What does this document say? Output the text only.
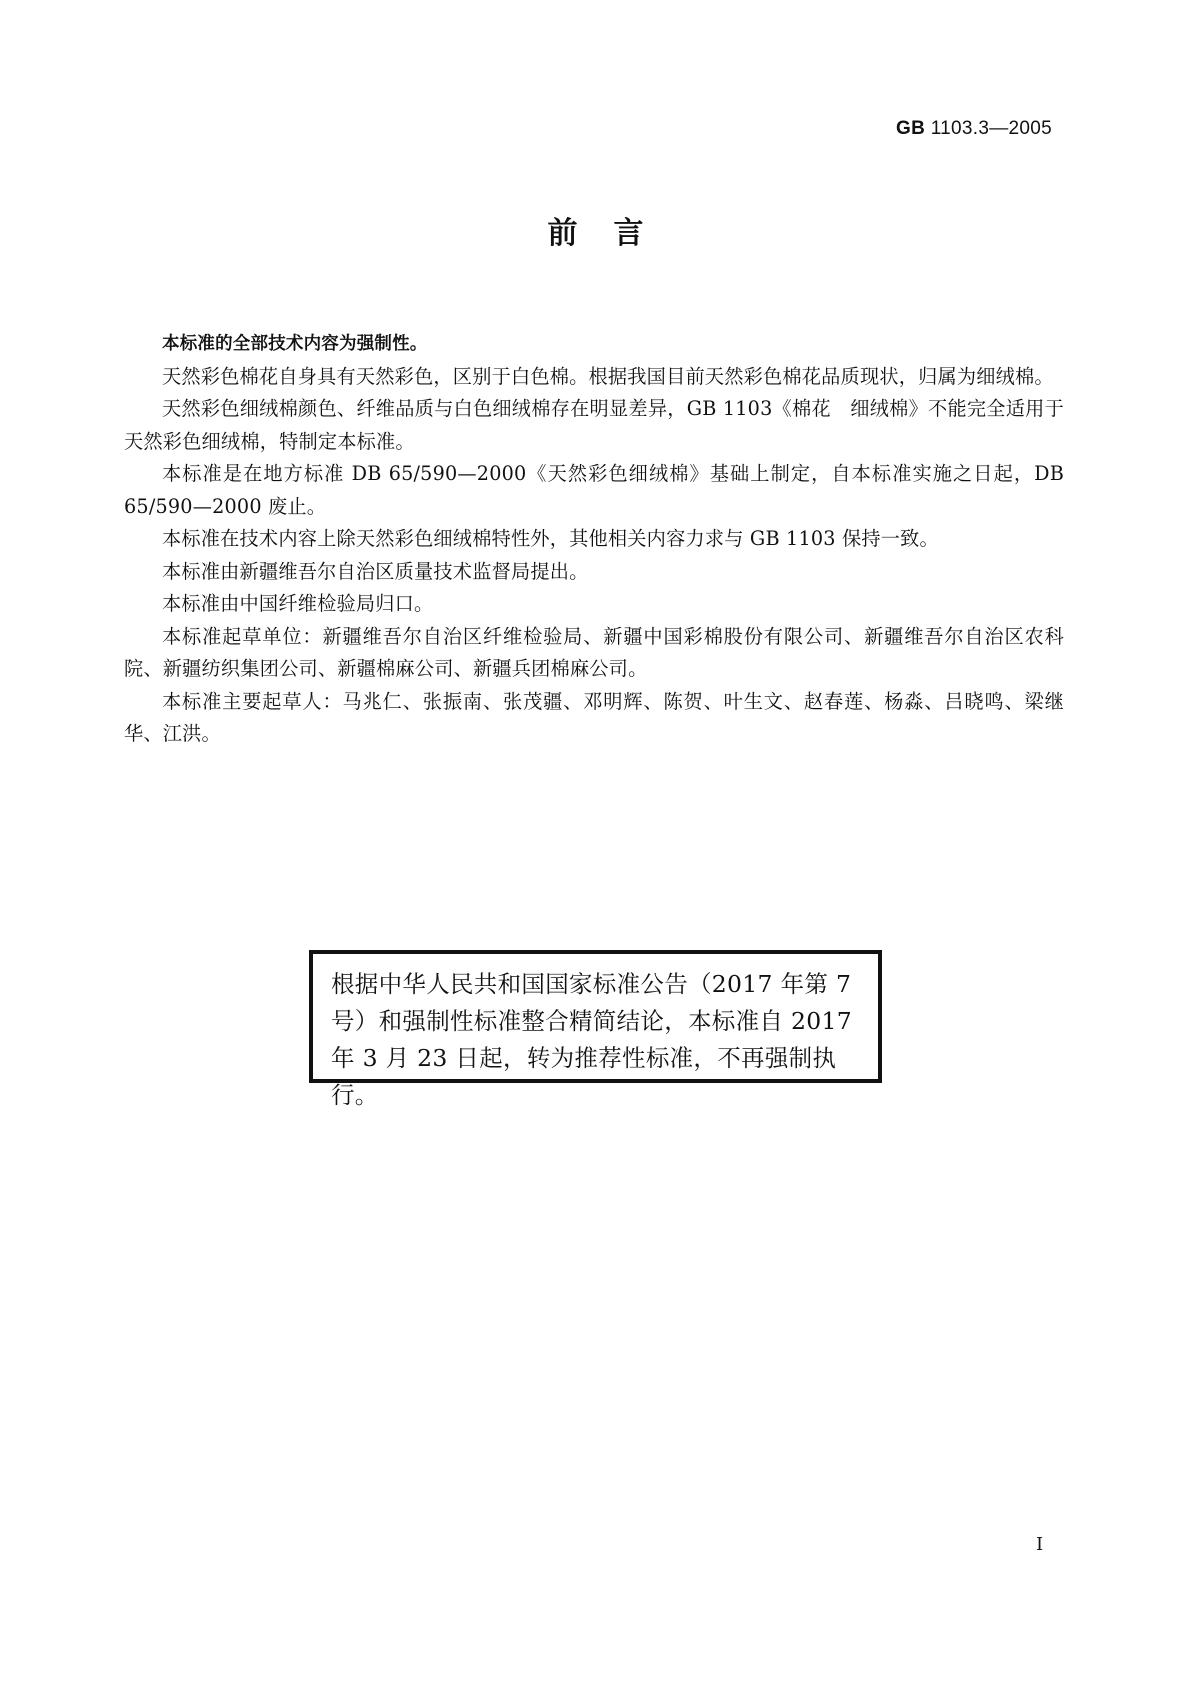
GB 1103.3—2005
前言

本标准的全部技术内容为强制性。

天然彩色棉花自身具有天然彩色，区别于白色棉。根据我国目前天然彩色棉花品质现状，归属为细绒棉。

天然彩色细绒棉颜色、纤维品质与白色细绒棉存在明显差异，GB 1103《棉花　细绒棉》不能完全适用于天然彩色细绒棉，特制定本标准。

本标准是在地方标准 DB 65/590—2000《天然彩色细绒棉》基础上制定，自本标准实施之日起，DB 65/590—2000 废止。

本标准在技术内容上除天然彩色细绒棉特性外，其他相关内容力求与 GB 1103 保持一致。

本标准由新疆维吾尔自治区质量技术监督局提出。

本标准由中国纤维检验局归口。

本标准起草单位：新疆维吾尔自治区纤维检验局、新疆中国彩棉股份有限公司、新疆维吾尔自治区农科院、新疆纺织集团公司、新疆棉麻公司、新疆兵团棉麻公司。

本标准主要起草人：马兆仁、张振南、张茂疆、邓明辉、陈贺、叶生文、赵春莲、杨淼、吕晓鸣、梁继华、江洪。

根据中华人民共和国国家标准公告（2017 年第 7 号）和强制性标准整合精简结论，本标准自 2017 年 3 月 23 日起，转为推荐性标准，不再强制执行。
I
